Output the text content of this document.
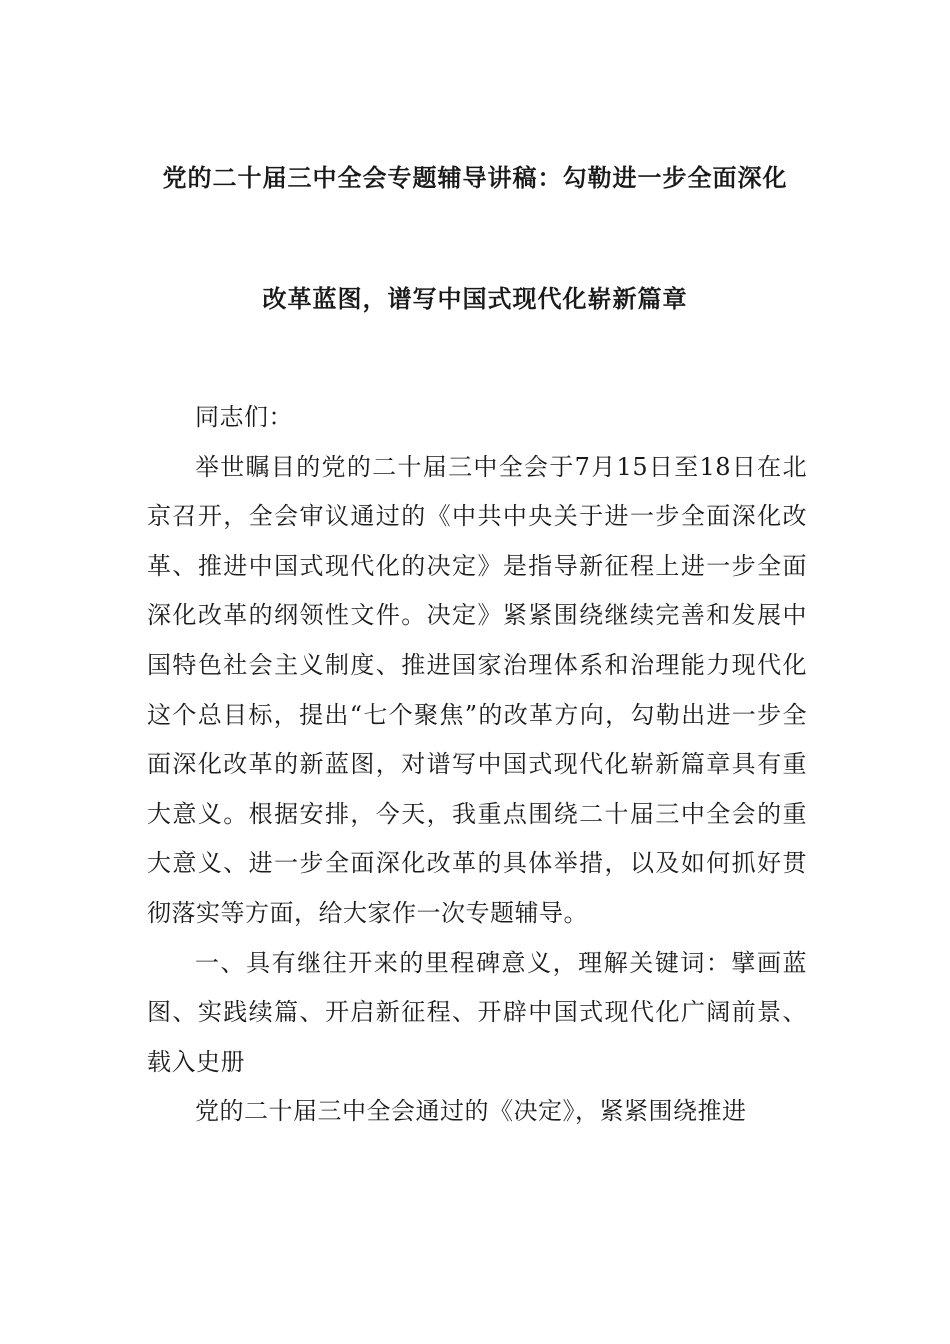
党的二十届三中全会专题辅导讲稿：勾勒进一步全面深化
改革蓝图，谱写中国式现代化崭新篇章

同志们：

举世瞩目的党的二十届三中全会于7月15日至18日在北京召开，全会审议通过的《中共中央关于进一步全面深化改革、推进中国式现代化的决定》是指导新征程上进一步全面深化改革的纲领性文件。决定》紧紧围绕继续完善和发展中国特色社会主义制度、推进国家治理体系和治理能力现代化这个总目标，提出“七个聚焦”的改革方向，勾勒出进一步全面深化改革的新蓝图，对谱写中国式现代化崭新篇章具有重大意义。根据安排，今天，我重点围绕二十届三中全会的重大意义、进一步全面深化改革的具体举措，以及如何抓好贯彻落实等方面，给大家作一次专题辅导。

一、具有继往开来的里程碑意义，理解关键词：擘画蓝图、实践续篇、开启新征程、开辟中国式现代化广阔前景、载入史册

党的二十届三中全会通过的《决定》，紧紧围绕推进
